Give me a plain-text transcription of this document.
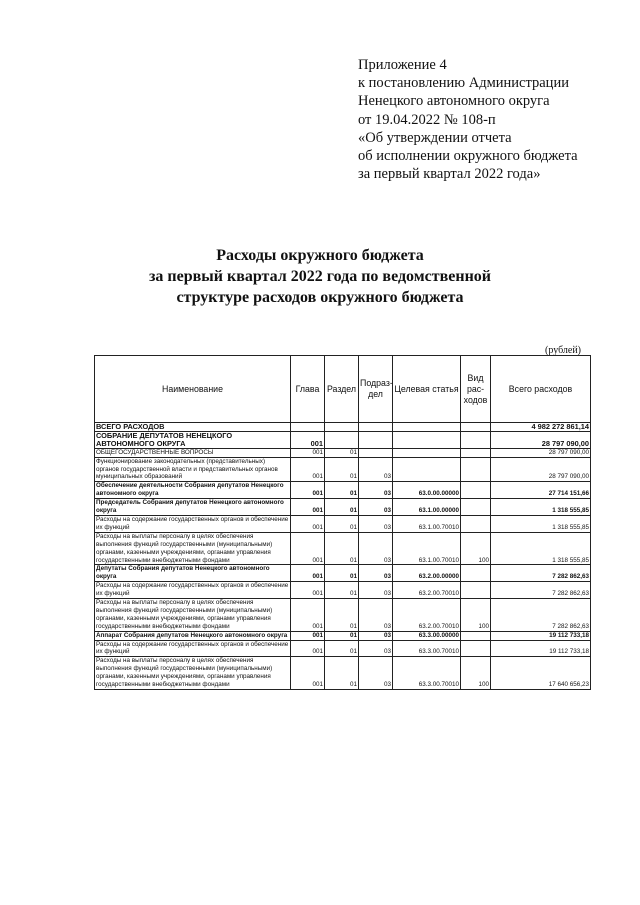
Приложение 4
к постановлению Администрации
Ненецкого автономного округа
от 19.04.2022 № 108-п
«Об утверждении отчета
об исполнении окружного бюджета
за первый квартал 2022 года»
Расходы окружного бюджета
за первый квартал 2022 года по ведомственной
структуре расходов окружного бюджета
(рублей)
Наименование	Глава	Раздел	Подраз-дел	Целевая статья	Вид рас-ходов	Всего расходов
ВСЕГО РАСХОДОВ						4 982 272 861,14
СОБРАНИЕ ДЕПУТАТОВ НЕНЕЦКОГО АВТОНОМНОГО ОКРУГА	001					28 797 090,00
ОБЩЕГОСУДАРСТВЕННЫЕ ВОПРОСЫ	001	01				28 797 090,00
Функционирование законодательных (представительных) органов государственной власти и представительных органов муниципальных образований	001	01	03			28 797 090,00
Обеспечение деятельности Собрания депутатов Ненецкого автономного округа	001	01	03	63.0.00.00000		27 714 151,66
Председатель Собрания депутатов Ненецкого автономного округа	001	01	03	63.1.00.00000		1 318 555,85
Расходы на содержание государственных органов и обеспечение их функций	001	01	03	63.1.00.70010		1 318 555,85
Расходы на выплаты персоналу в целях обеспечения выполнения функций государственными (муниципальными) органами, казенными учреждениями, органами управления государственными внебюджетными фондами	001	01	03	63.1.00.70010	100	1 318 555,85
Депутаты Собрания депутатов Ненецкого автономного округа	001	01	03	63.2.00.00000		7 282 862,63
Расходы на содержание государственных органов и обеспечение их функций	001	01	03	63.2.00.70010		7 282 862,63
Расходы на выплаты персоналу в целях обеспечения выполнения функций государственными (муниципальными) органами, казенными учреждениями, органами управления государственными внебюджетными фондами	001	01	03	63.2.00.70010	100	7 282 862,63
Аппарат Собрания депутатов Ненецкого автономного округа	001	01	03	63.3.00.00000		19 112 733,18
Расходы на содержание государственных органов и обеспечение их функций	001	01	03	63.3.00.70010		19 112 733,18
Расходы на выплаты персоналу в целях обеспечения выполнения функций государственными (муниципальными) органами, казенными учреждениями, органами управления государственными внебюджетными фондами	001	01	03	63.3.00.70010	100	17 640 656,23
